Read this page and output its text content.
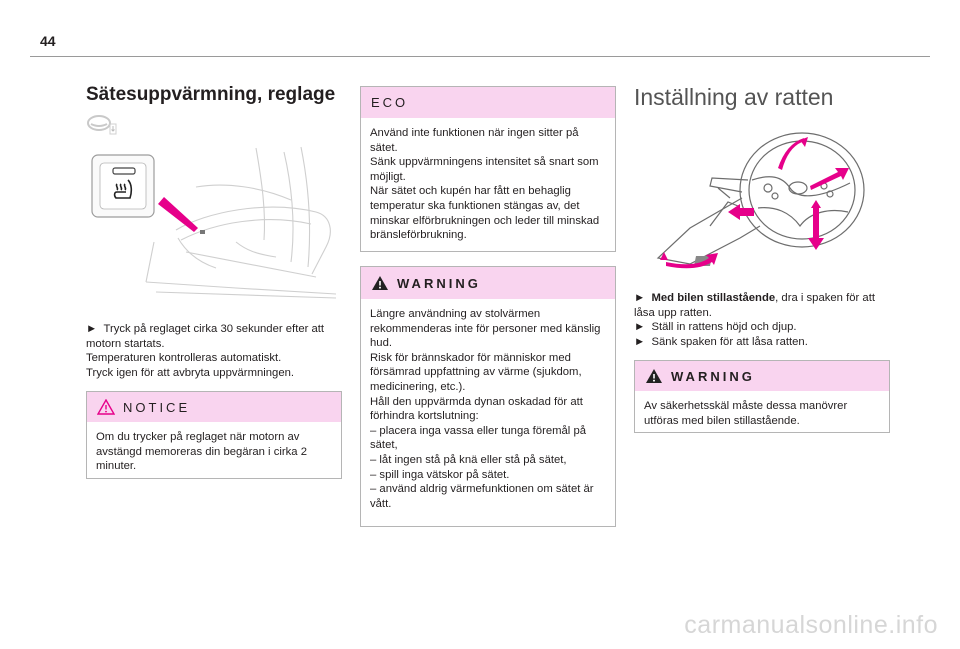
44
Sätesuppvärmning, reglage

► Tryck på reglaget cirka 30 sekunder efter att motorn startats.

Temperaturen kontrolleras automatiskt.

Tryck igen för att avbryta uppvärmningen.

NOTICE

Om du trycker på reglaget när motorn av avstängd memoreras din begäran i cirka 2 minuter.

ECO

Använd inte funktionen när ingen sitter på sätet.

Sänk uppvärmningens intensitet så snart som möjligt.

När sätet och kupén har fått en behaglig temperatur ska funktionen stängas av, det minskar elförbrukningen och leder till minskad bränsleförbrukning.

WARNING

Längre användning av stolvärmen rekommenderas inte för personer med känslig hud.

Risk för brännskador för människor med försämrad uppfattning av värme (sjukdom, medicinering, etc.).

Håll den uppvärmda dynan oskadad för att förhindra kortslutning:

– placera inga vassa eller tunga föremål på sätet,

– låt ingen stå på knä eller stå på sätet,

– spill inga vätskor på sätet.

– använd aldrig värmefunktionen om sätet är vått.

Inställning av ratten

► Med bilen stillastående, dra i spaken för att låsa upp ratten.

► Ställ in rattens höjd och djup.

► Sänk spaken för att låsa ratten.

WARNING

Av säkerhetsskäl måste dessa manövrer utföras med bilen stillastående.

carmanualsonline.info
